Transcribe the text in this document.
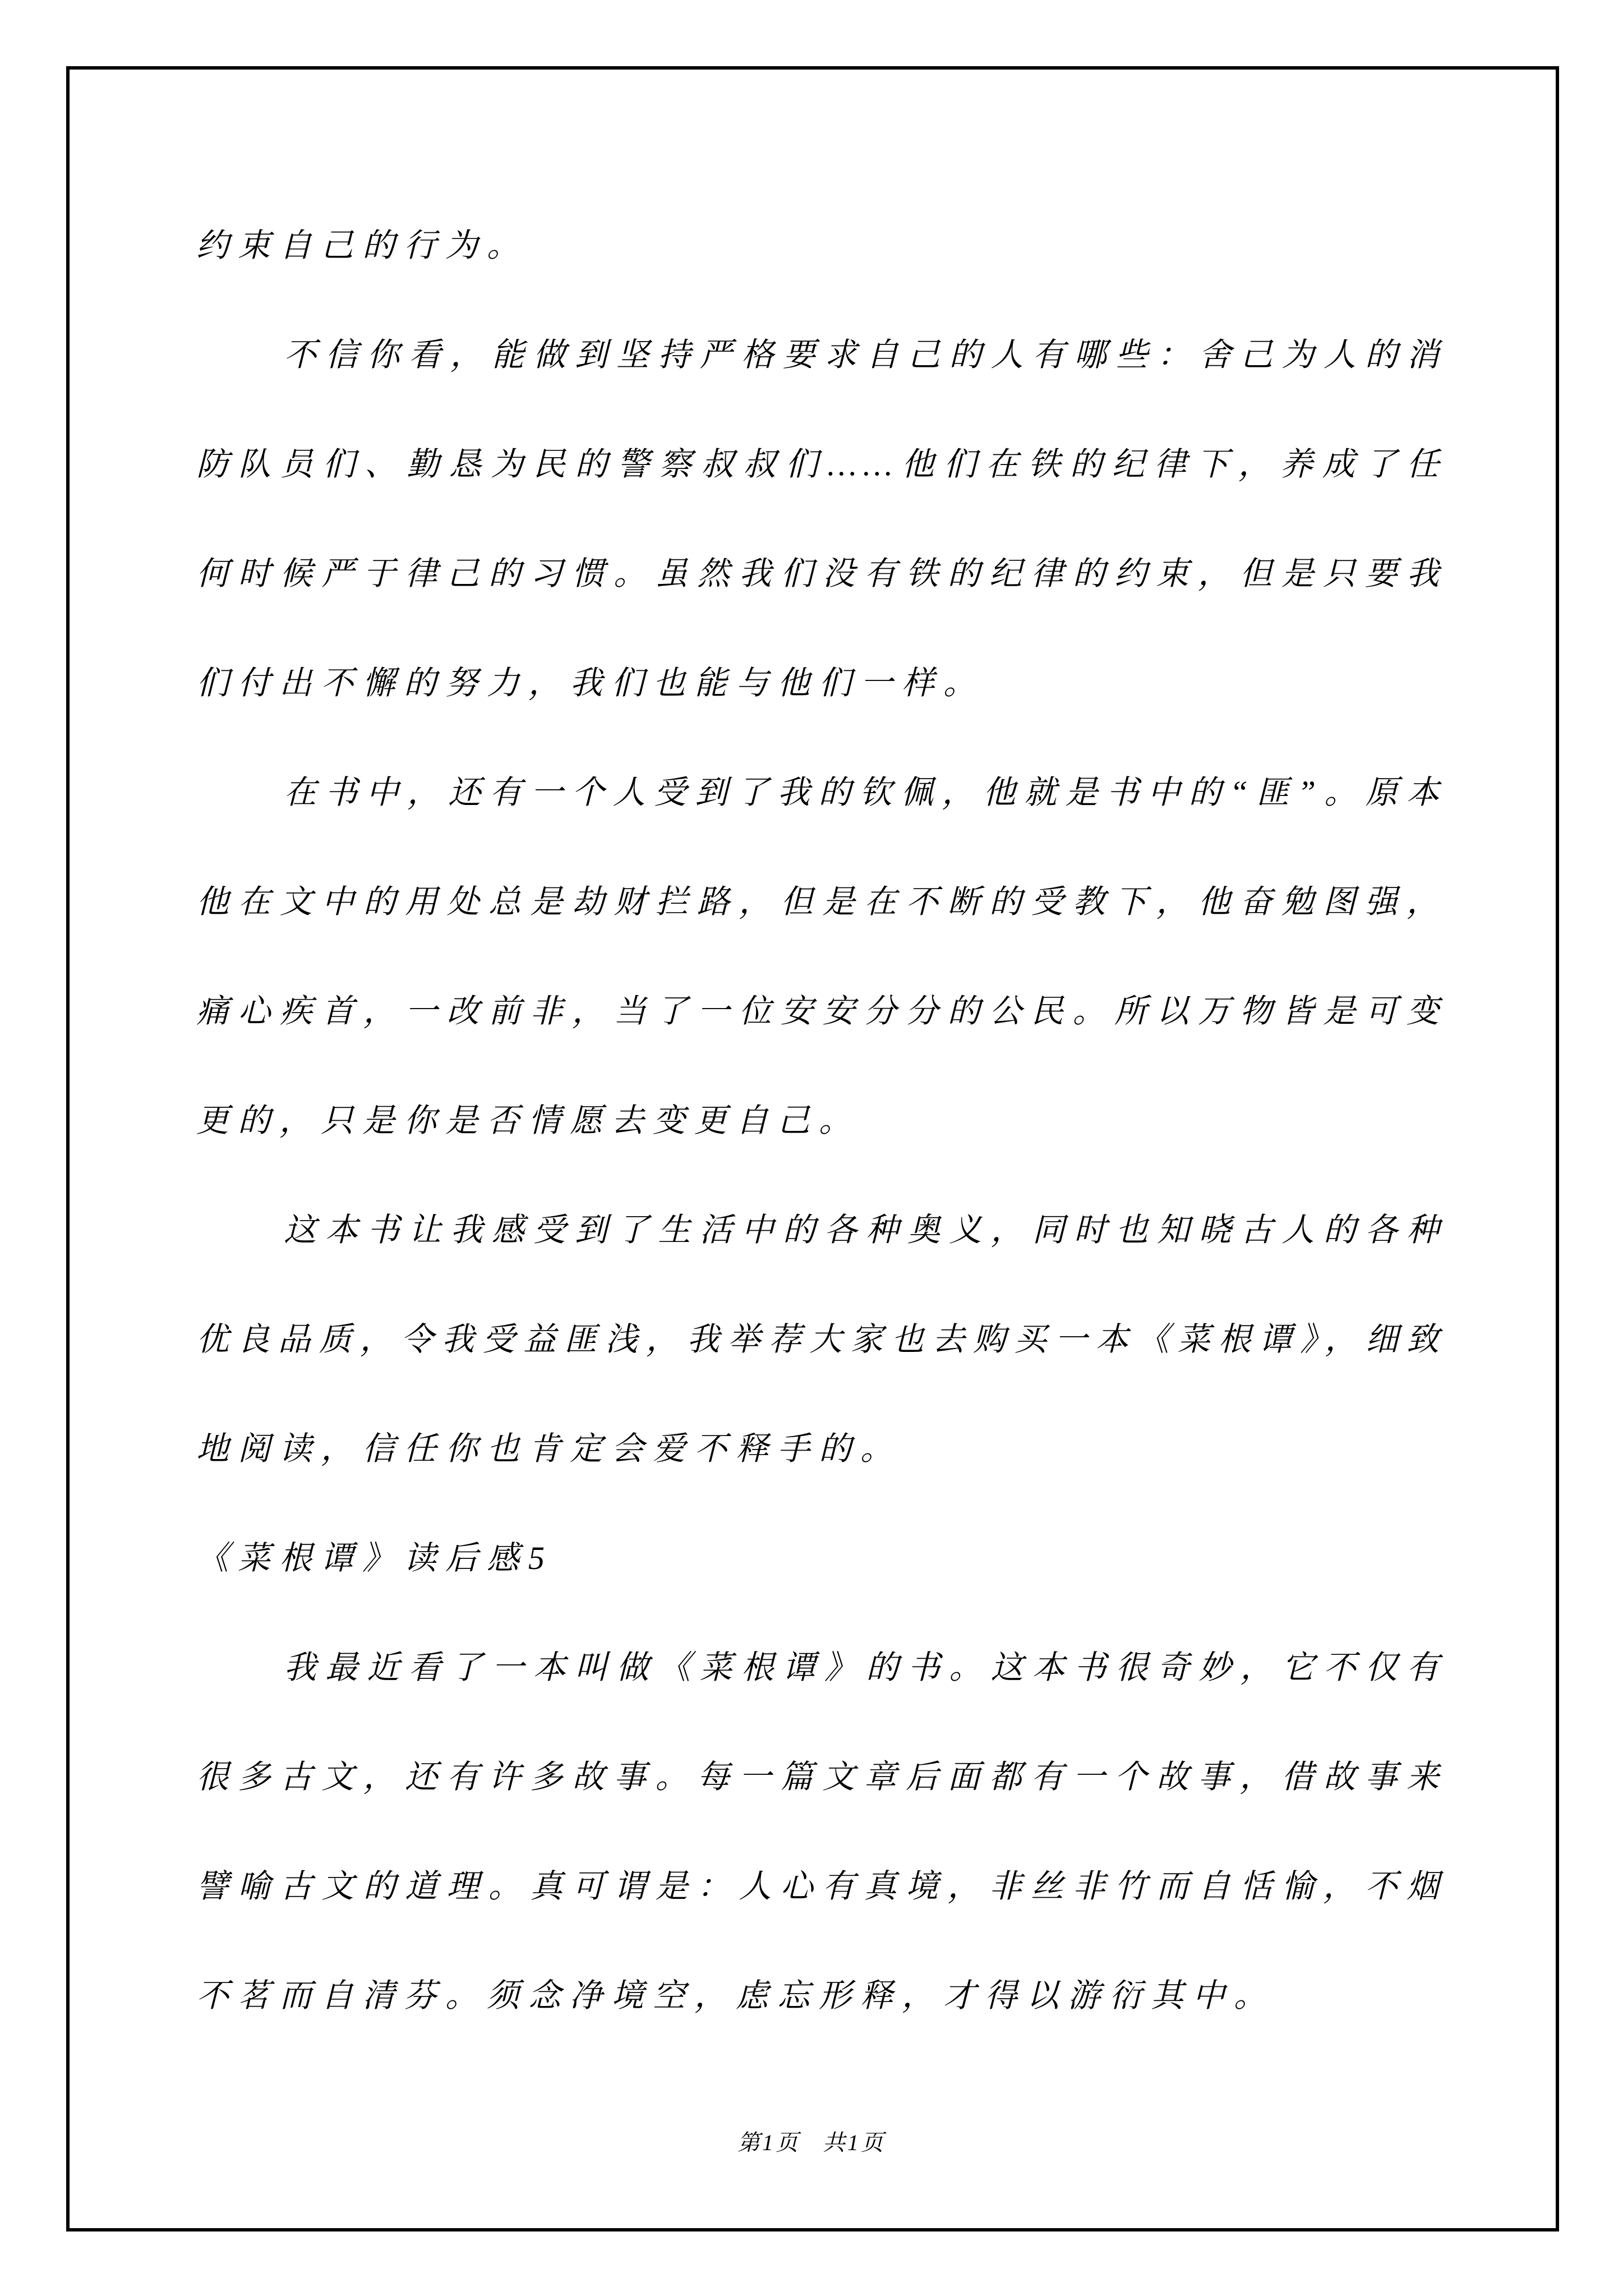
约束自己的行为。
不信你看，能做到坚持严格要求自己的人有哪些：舍己为人的消
防队员们、勤恳为民的警察叔叔们……他们在铁的纪律下，养成了任
何时候严于律己的习惯。虽然我们没有铁的纪律的约束，但是只要我
们付出不懈的努力，我们也能与他们一样。
在书中，还有一个人受到了我的钦佩，他就是书中的“匪”。原本
他在文中的用处总是劫财拦路，但是在不断的受教下，他奋勉图强，
痛心疾首，一改前非，当了一位安安分分的公民。所以万物皆是可变
更的，只是你是否情愿去变更自己。
这本书让我感受到了生活中的各种奥义，同时也知晓古人的各种
优良品质，令我受益匪浅，我举荐大家也去购买一本《菜根谭》，细致
地阅读，信任你也肯定会爱不释手的。
《菜根谭》读后感5
我最近看了一本叫做《菜根谭》的书。这本书很奇妙，它不仅有
很多古文，还有许多故事。每一篇文章后面都有一个故事，借故事来
譬喻古文的道理。真可谓是：人心有真境，非丝非竹而自恬愉，不烟
不茗而自清芬。须念净境空，虑忘形释，才得以游衍其中。
第1页 共1页
